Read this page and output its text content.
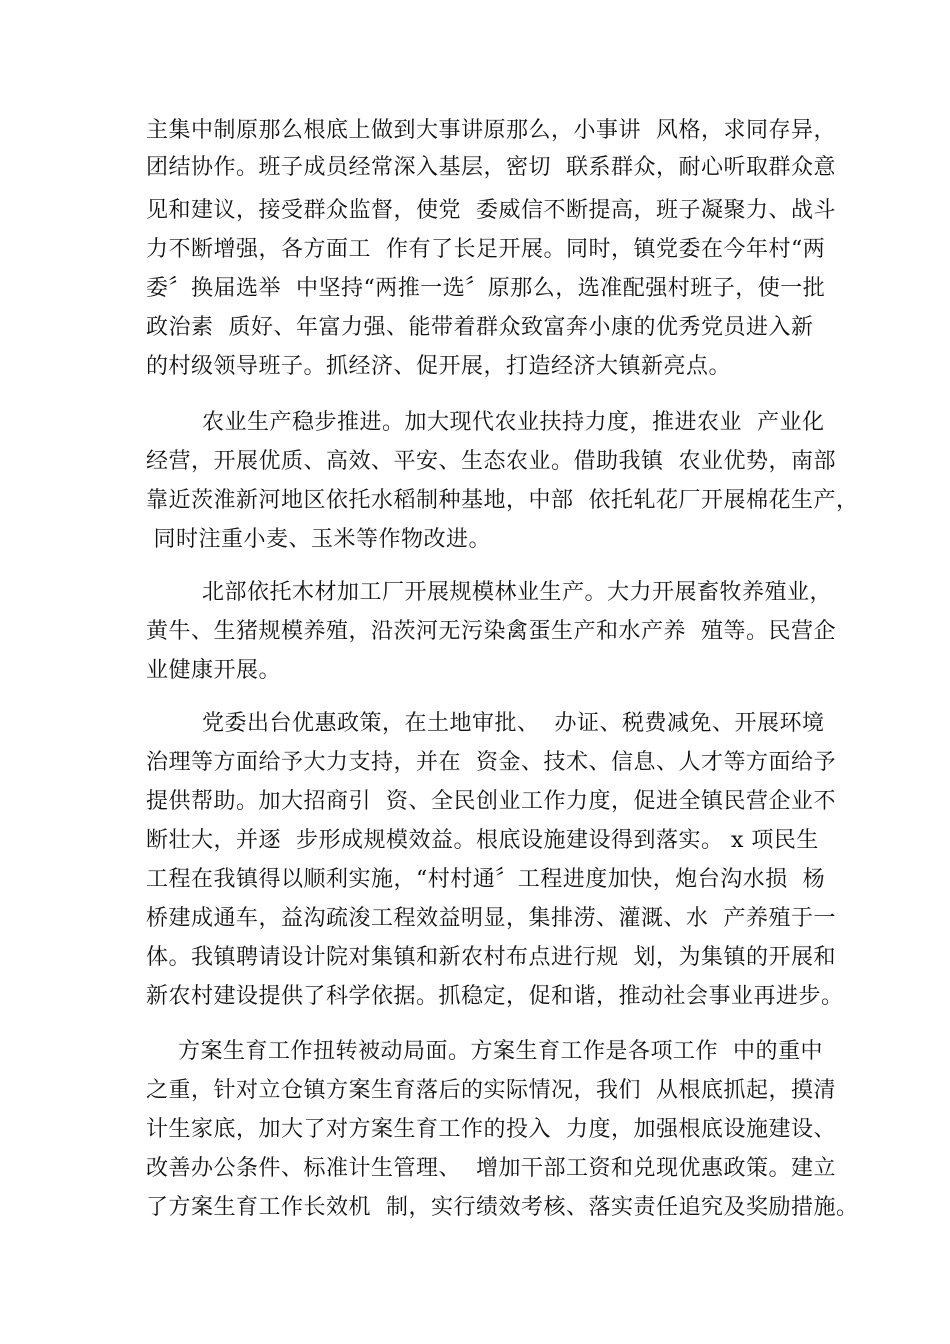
主集中制原那么根底上做到大事讲原那么，小事讲  风格，求同存异，
团结协作。班子成员经常深入基层，密切  联系群众，耐心听取群众意
见和建议，接受群众监督，使党  委威信不断提高，班子凝聚力、战斗
力不断增强，各方面工  作有了长足开展。同时，镇党委在今年村“两
委〞换届选举  中坚持“两推一选〞原那么，选准配强村班子，使一批
政治素  质好、年富力强、能带着群众致富奔小康的优秀党员进入新
的村级领导班子。抓经济、促开展，打造经济大镇新亮点。
农业生产稳步推进。加大现代农业扶持力度，推进农业  产业化
经营，开展优质、高效、平安、生态农业。借助我镇  农业优势，南部
靠近茨淮新河地区依托水稻制种基地，中部  依托轧花厂开展棉花生产，
同时注重小麦、玉米等作物改进。
北部依托木材加工厂开展规模林业生产。大力开展畜牧养殖业，
黄牛、生猪规模养殖，沿茨河无污染禽蛋生产和水产养  殖等。民营企
业健康开展。
党委出台优惠政策，在土地审批、  办证、税费减免、开展环境
治理等方面给予大力支持，并在  资金、技术、信息、人才等方面给予
提供帮助。加大招商引  资、全民创业工作力度，促进全镇民营企业不
断壮大，并逐  步形成规模效益。根底设施建设得到落实。 x 项民生
工程在我镇得以顺利实施，“村村通〞工程进度加快，炮台沟水损  杨
桥建成通车，益沟疏浚工程效益明显，集排涝、灌溉、水  产养殖于一
体。我镇聘请设计院对集镇和新农村布点进行规  划，为集镇的开展和
新农村建设提供了科学依据。抓稳定，促和谐，推动社会事业再进步。
方案生育工作扭转被动局面。方案生育工作是各项工作  中的重中
之重，针对立仓镇方案生育落后的实际情况，我们  从根底抓起，摸清
计生家底，加大了对方案生育工作的投入  力度，加强根底设施建设、
改善办公条件、标准计生管理、  增加干部工资和兑现优惠政策。建立
了方案生育工作长效机  制，实行绩效考核、落实责任追究及奖励措施。
